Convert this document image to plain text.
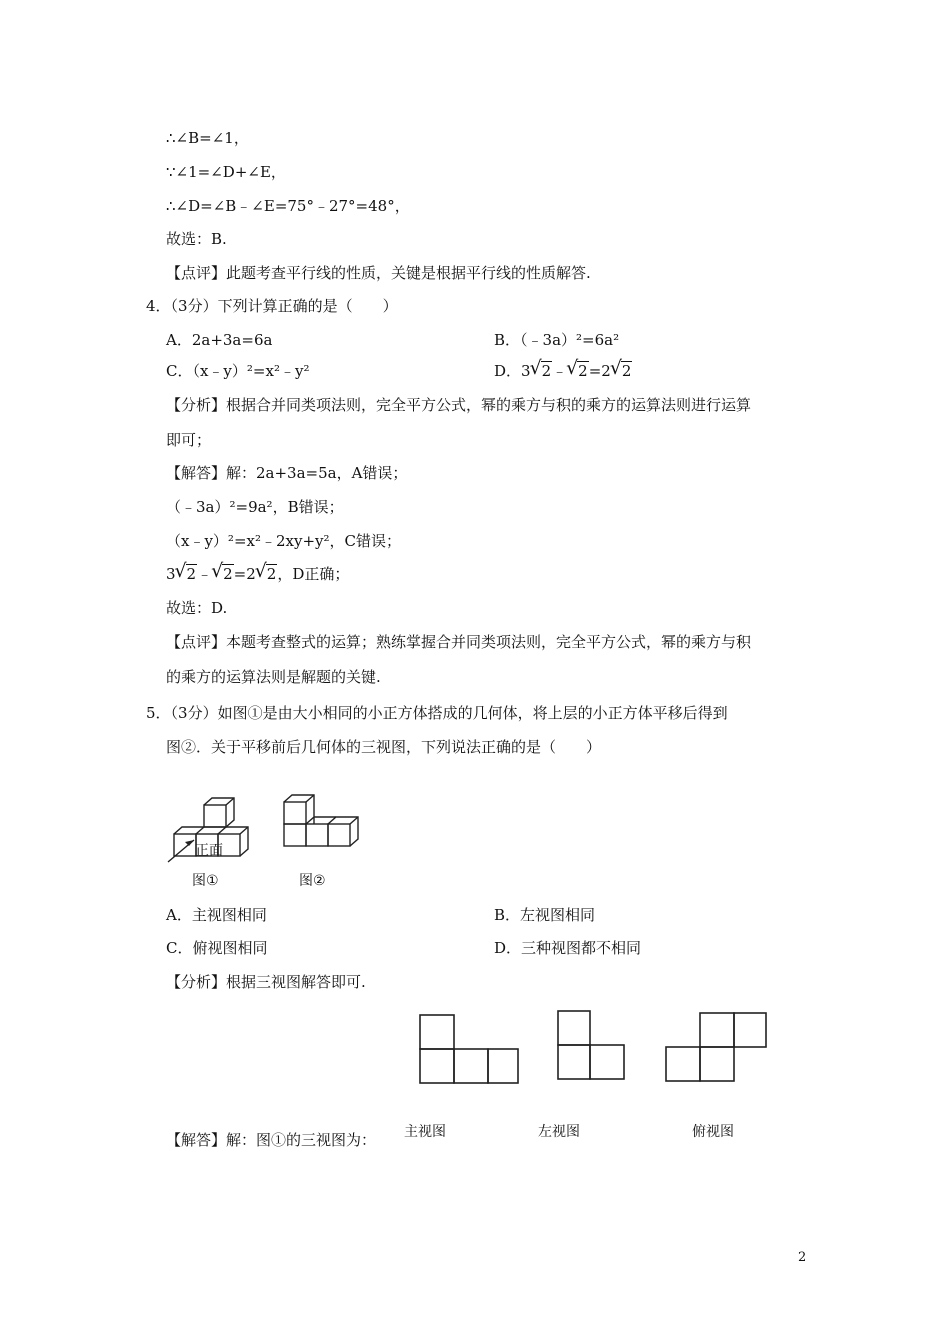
∴∠B=∠1，
∵∠1=∠D+∠E，
∴∠D=∠B﹣∠E=75°﹣27°=48°，
故选：B.
【点评】此题考查平行线的性质，关键是根据平行线的性质解答.
4．（3分）下列计算正确的是（　　）
A．2a+3a=6a	B．（﹣3a）²=6a²
C．（x﹣y）²=x²﹣y²	D．3 √ 2﹣ √ 2=2 √ 2
【分析】根据合并同类项法则，完全平方公式，幂的乘方与积的乘方的运算法则进行运算
即可；
【解答】解：2a+3a=5a，A错误；
（﹣3a）²=9a²，B错误；
（x﹣y）²=x²﹣2xy+y²，C错误；
3 √ 2﹣ √ 2=2 √ 2，D正确；
故选：D.
【点评】本题考查整式的运算；熟练掌握合并同类项法则，完全平方公式，幂的乘方与积
的乘方的运算法则是解题的关键.
5．（3分）如图①是由大小相同的小正方体搭成的几何体，将上层的小正方体平移后得到
图②．关于平移前后几何体的三视图，下列说法正确的是（　　）
正面
图①	图②
A．主视图相同	B．左视图相同
C．俯视图相同	D．三种视图都不相同
【分析】根据三视图解答即可.
主视图	左视图	俯视图
【解答】解：图①的三视图为：
2
